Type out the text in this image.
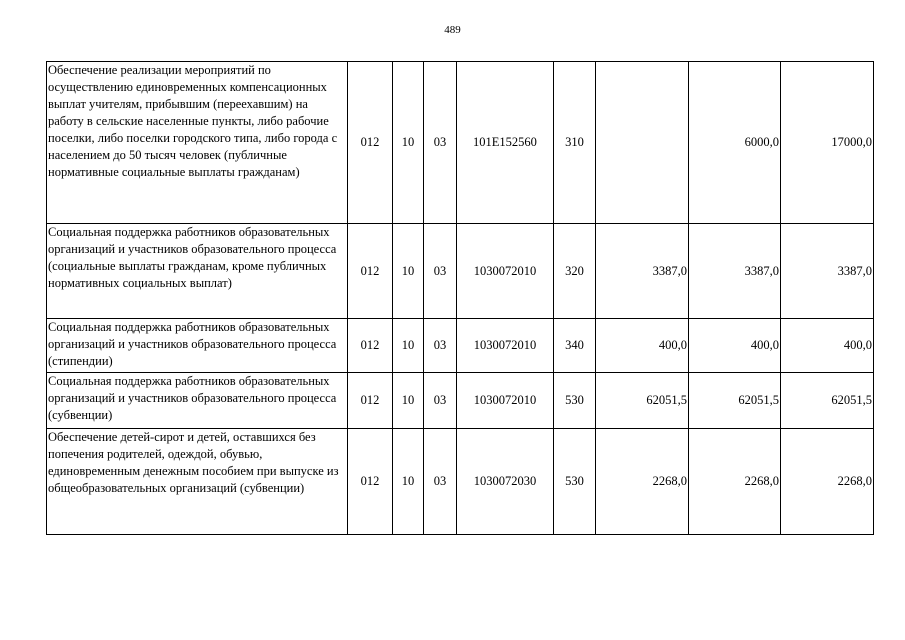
489
Обеспечение реализации мероприятий по осуществлению единовременных компенсационных выплат учителям, прибывшим (переехавшим) на работу в сельские населенные пункты, либо рабочие поселки, либо поселки городского типа, либо города с населением до 50 тысяч человек (публичные нормативные социальные выплаты гражданам)	012	10	03	101E152560	310		6000,0	17000,0
Социальная поддержка работников образовательных организаций и участников образовательного процесса (социальные выплаты гражданам, кроме публичных нормативных социальных выплат)	012	10	03	1030072010	320	3387,0	3387,0	3387,0
Социальная поддержка работников образовательных организаций и участников образовательного процесса (стипендии)	012	10	03	1030072010	340	400,0	400,0	400,0
Социальная поддержка работников образовательных организаций и участников образовательного процесса (субвенции)	012	10	03	1030072010	530	62051,5	62051,5	62051,5
Обеспечение детей-сирот и детей, оставшихся без попечения родителей, одеждой, обувью, единовременным денежным пособием при выпуске из общеобразовательных организаций (субвенции)	012	10	03	1030072030	530	2268,0	2268,0	2268,0
